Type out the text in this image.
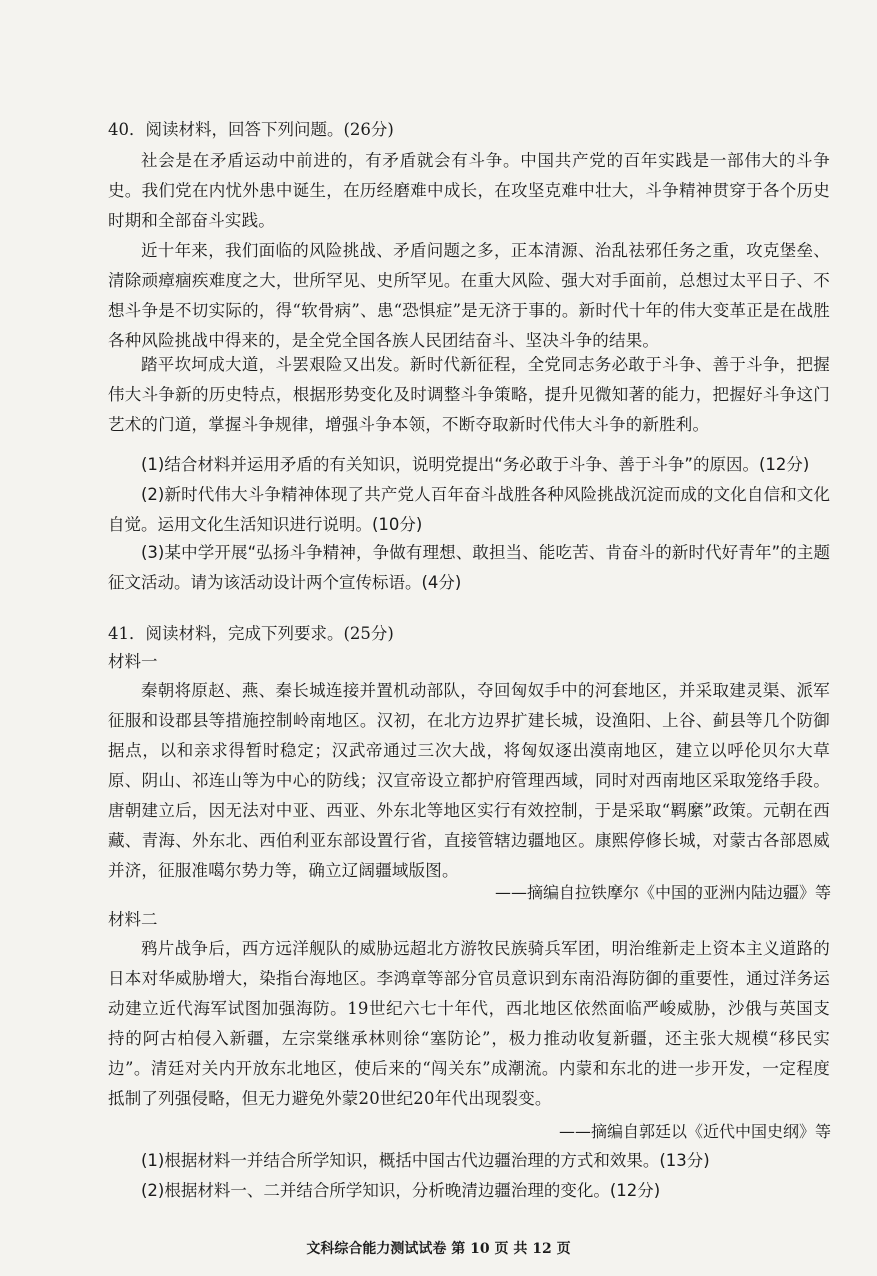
40．阅读材料，回答下列问题。(26分)
社会是在矛盾运动中前进的，有矛盾就会有斗争。中国共产党的百年实践是一部伟大的斗争史。我们党在内忧外患中诞生，在历经磨难中成长，在攻坚克难中壮大，斗争精神贯穿于各个历史时期和全部奋斗实践。
近十年来，我们面临的风险挑战、矛盾问题之多，正本清源、治乱祛邪任务之重，攻克堡垒、清除顽瘴痼疾难度之大，世所罕见、史所罕见。在重大风险、强大对手面前，总想过太平日子、不想斗争是不切实际的，得“软骨病”、患“恐惧症”是无济于事的。新时代十年的伟大变革正是在战胜各种风险挑战中得来的，是全党全国各族人民团结奋斗、坚决斗争的结果。
踏平坎坷成大道，斗罢艰险又出发。新时代新征程，全党同志务必敢于斗争、善于斗争，把握伟大斗争新的历史特点，根据形势变化及时调整斗争策略，提升见微知著的能力，把握好斗争这门艺术的门道，掌握斗争规律，增强斗争本领，不断夺取新时代伟大斗争的新胜利。
(1)结合材料并运用矛盾的有关知识，说明党提出“务必敢于斗争、善于斗争”的原因。(12分)
(2)新时代伟大斗争精神体现了共产党人百年奋斗战胜各种风险挑战沉淀而成的文化自信和文化自觉。运用文化生活知识进行说明。(10分)
(3)某中学开展“弘扬斗争精神，争做有理想、敢担当、能吃苦、肯奋斗的新时代好青年”的主题征文活动。请为该活动设计两个宣传标语。(4分)
41．阅读材料，完成下列要求。(25分)
材料一
秦朝将原赵、燕、秦长城连接并置机动部队，夺回匈奴手中的河套地区，并采取建灵渠、派军征服和设郡县等措施控制岭南地区。汉初，在北方边界扩建长城，设渔阳、上谷、蓟县等几个防御据点，以和亲求得暂时稳定；汉武帝通过三次大战，将匈奴逐出漠南地区，建立以呼伦贝尔大草原、阴山、祁连山等为中心的防线；汉宣帝设立都护府管理西域，同时对西南地区采取笼络手段。唐朝建立后，因无法对中亚、西亚、外东北等地区实行有效控制，于是采取“羁縻”政策。元朝在西藏、青海、外东北、西伯利亚东部设置行省，直接管辖边疆地区。康熙停修长城，对蒙古各部恩威并济，征服准噶尔势力等，确立辽阔疆域版图。
——摘编自拉铁摩尔《中国的亚洲内陆边疆》等
材料二
鸦片战争后，西方远洋舰队的威胁远超北方游牧民族骑兵军团，明治维新走上资本主义道路的日本对华威胁增大，染指台海地区。李鸿章等部分官员意识到东南沿海防御的重要性，通过洋务运动建立近代海军试图加强海防。19世纪六七十年代，西北地区依然面临严峻威胁，沙俄与英国支持的阿古柏侵入新疆，左宗棠继承林则徐“塞防论”，极力推动收复新疆，还主张大规模“移民实边”。清廷对关内开放东北地区，使后来的“闯关东”成潮流。内蒙和东北的进一步开发，一定程度抵制了列强侵略，但无力避免外蒙20世纪20年代出现裂变。
——摘编自郭廷以《近代中国史纲》等
(1)根据材料一并结合所学知识，概括中国古代边疆治理的方式和效果。(13分)
(2)根据材料一、二并结合所学知识，分析晚清边疆治理的变化。(12分)
文科综合能力测试试卷 第 10 页 共 12 页
